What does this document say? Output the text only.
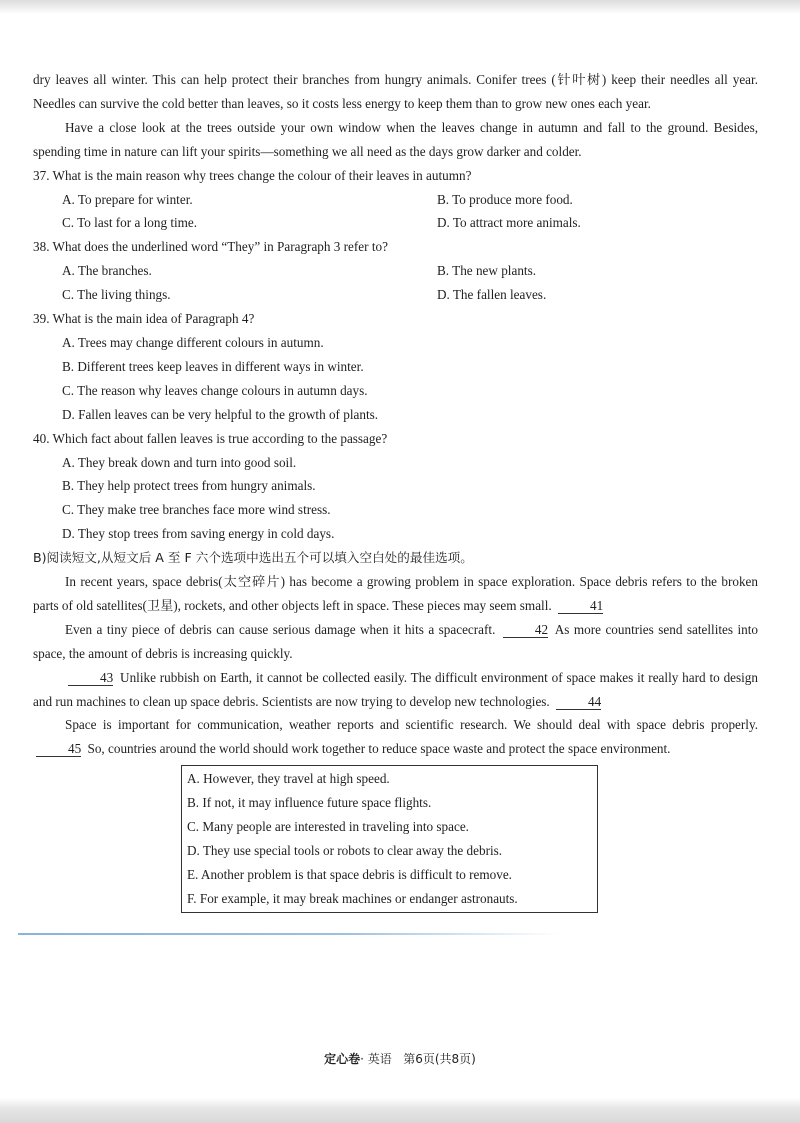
dry leaves all winter. This can help protect their branches from hungry animals. Conifer trees (针叶树) keep their needles all year. Needles can survive the cold better than leaves, so it costs less energy to keep them than to grow new ones each year.

Have a close look at the trees outside your own window when the leaves change in autumn and fall to the ground. Besides, spending time in nature can lift your spirits—something we all need as the days grow darker and colder.

37. What is the main reason why trees change the colour of their leaves in autumn?

A. To prepare for winter.	B. To produce more food.
C. To last for a long time.	D. To attract more animals.

38. What does the underlined word “They” in Paragraph 3 refer to?

A. The branches.	B. The new plants.
C. The living things.	D. The fallen leaves.

39. What is the main idea of Paragraph 4?

A. Trees may change different colours in autumn.
B. Different trees keep leaves in different ways in winter.
C. The reason why leaves change colours in autumn days.
D. Fallen leaves can be very helpful to the growth of plants.

40. Which fact about fallen leaves is true according to the passage?

A. They break down and turn into good soil.
B. They help protect trees from hungry animals.
C. They make tree branches face more wind stress.
D. They stop trees from saving energy in cold days.
B)阅读短文,从短文后 A 至 F 六个选项中选出五个可以填入空白处的最佳选项。

In recent years, space debris(太空碎片) has become a growing problem in space exploration. Space debris refers to the broken parts of old satellites(卫星), rockets, and other objects left in space. These pieces may seem small.	41

Even a tiny piece of debris can cause serious damage when it hits a spacecraft.	42 As more countries send satellites into space, the amount of debris is increasing quickly.

43 Unlike rubbish on Earth, it cannot be collected easily. The difficult environment of space makes it really hard to design and run machines to clean up space debris. Scientists are now trying to develop new technologies.	44

Space is important for communication, weather reports and scientific research. We should deal with space debris properly. 45 So, countries around the world should work together to reduce space waste and protect the space environment.

A. However, they travel at high speed.
B. If not, it may influence future space flights.
C. Many people are interested in traveling into space.
D. They use special tools or robots to clear away the debris.
E. Another problem is that space debris is difficult to remove.
F. For example, it may break machines or endanger astronauts.
定心卷· 英语 第6页(共8页)
